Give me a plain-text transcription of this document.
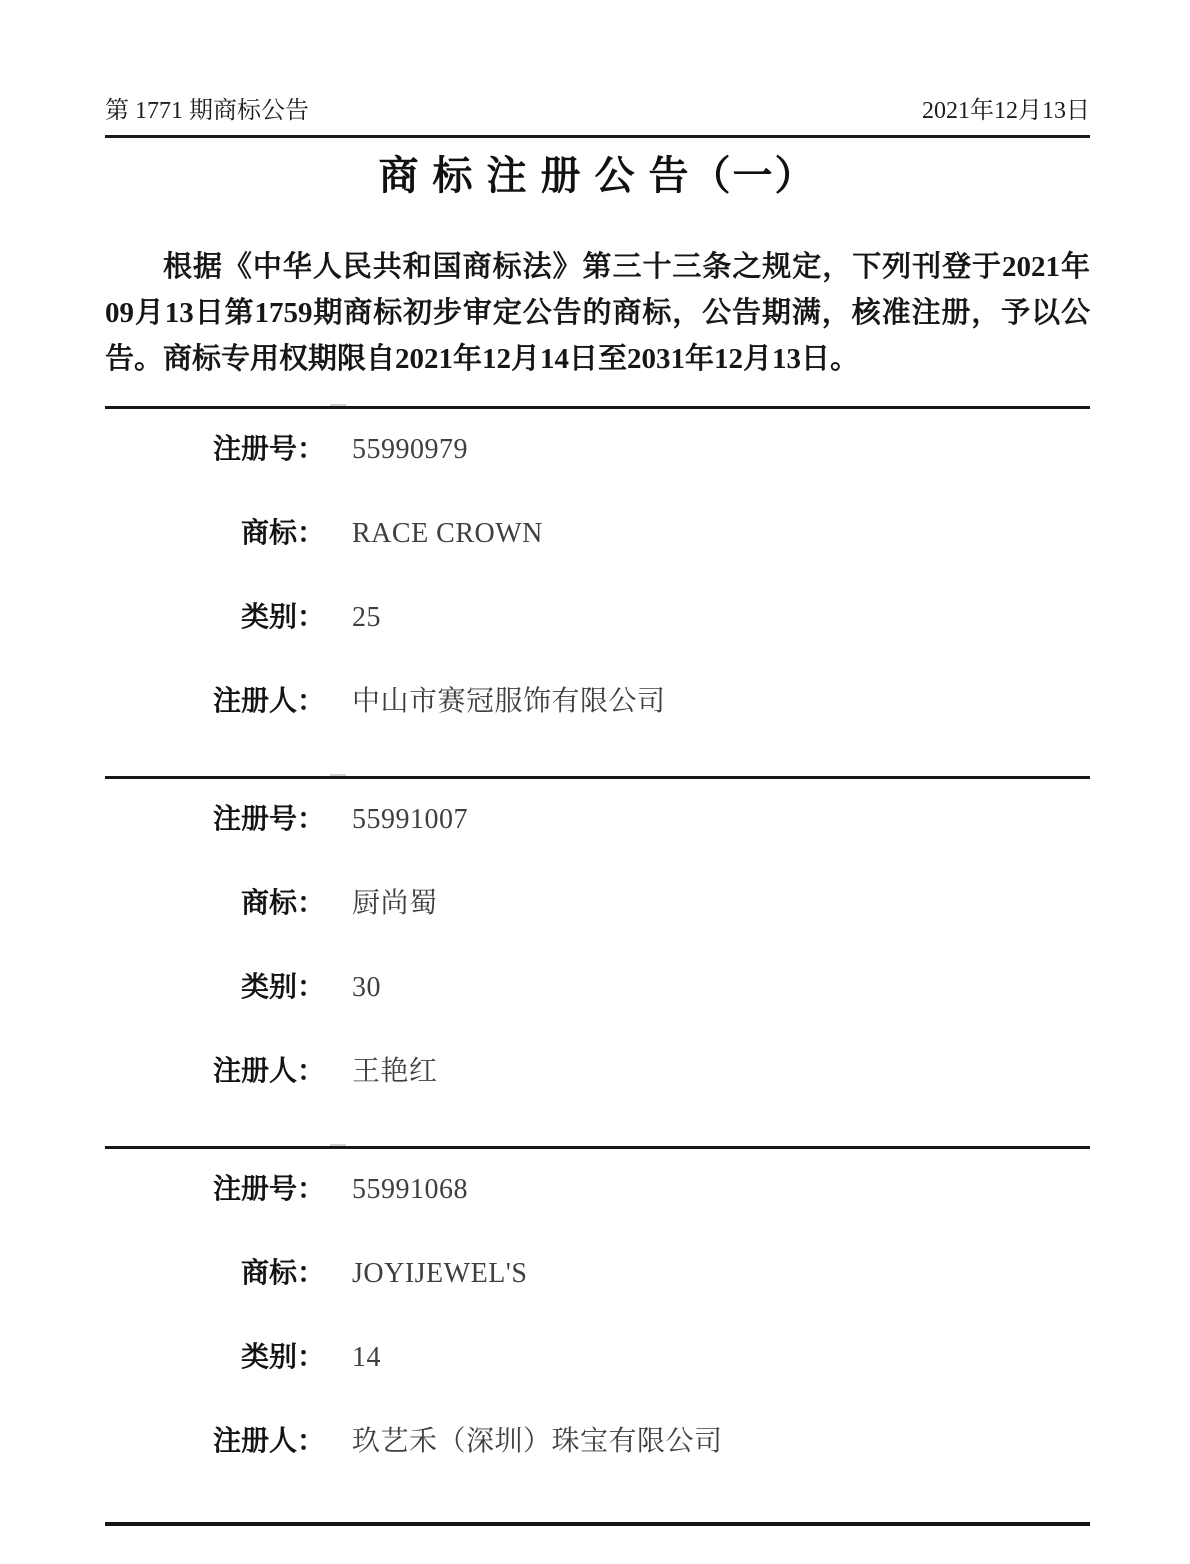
第 1771 期商标公告	2021年12月13日
商 标 注 册 公 告（一）

根据《中华人民共和国商标法》第三十三条之规定，下列刊登于2021年09月13日第1759期商标初步审定公告的商标，公告期满，核准注册，予以公告。商标专用权期限自2021年12月14日至2031年12月13日。

注册号： 55990979
商标： RACE CROWN
类别： 25
注册人： 中山市赛冠服饰有限公司
注册号： 55991007
商标： 厨尚蜀
类别： 30
注册人： 王艳红
注册号： 55991068
商标： JOYIJEWEL'S
类别： 14
注册人： 玖艺禾（深圳）珠宝有限公司
